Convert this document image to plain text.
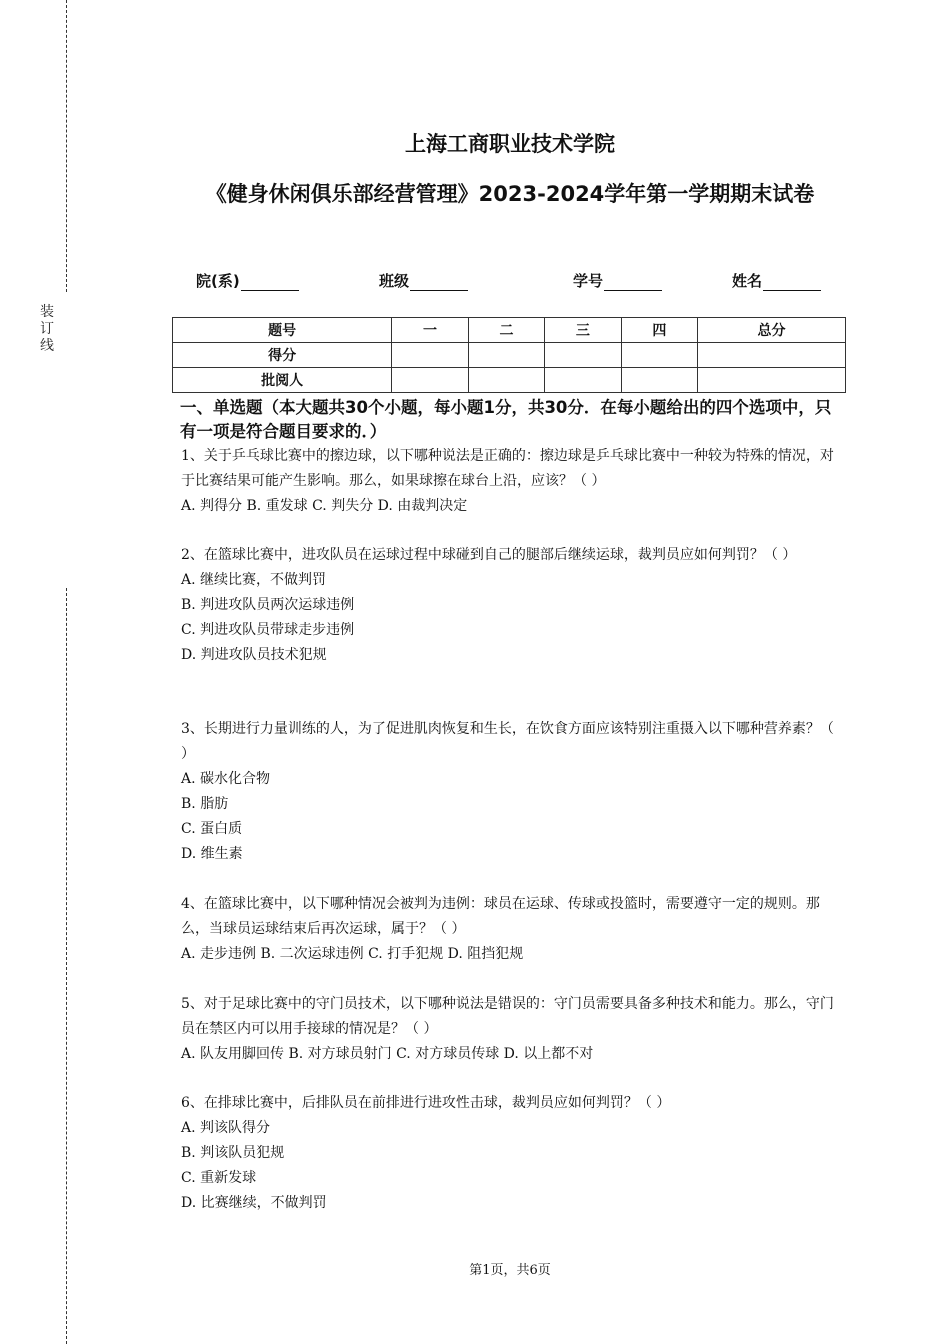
装
订
线
上海工商职业技术学院
《健身休闲俱乐部经营管理》2023-2024学年第一学期期末试卷
院(系)	班级	学号	姓名
题号	一	二	三	四	总分
得分					
批阅人					
一、单选题（本大题共30个小题，每小题1分，共30分．在每小题给出的四个选项中，只有一项是符合题目要求的．）

1、关于乒乓球比赛中的擦边球，以下哪种说法是正确的：擦边球是乒乓球比赛中一种较为特殊的情况，对于比赛结果可能产生影响。那么，如果球擦在球台上沿，应该？（ ）

A. 判得分 B. 重发球 C. 判失分 D. 由裁判决定

2、在篮球比赛中，进攻队员在运球过程中球碰到自己的腿部后继续运球，裁判员应如何判罚？（ ）

A. 继续比赛，不做判罚

B. 判进攻队员两次运球违例

C. 判进攻队员带球走步违例

D. 判进攻队员技术犯规

3、长期进行力量训练的人，为了促进肌肉恢复和生长，在饮食方面应该特别注重摄入以下哪种营养素？（ ）

A. 碳水化合物

B. 脂肪

C. 蛋白质

D. 维生素

4、在篮球比赛中，以下哪种情况会被判为违例：球员在运球、传球或投篮时，需要遵守一定的规则。那么，当球员运球结束后再次运球，属于？（ ）

A. 走步违例 B. 二次运球违例 C. 打手犯规 D. 阻挡犯规

5、对于足球比赛中的守门员技术，以下哪种说法是错误的：守门员需要具备多种技术和能力。那么，守门员在禁区内可以用手接球的情况是？（ ）

A. 队友用脚回传 B. 对方球员射门 C. 对方球员传球 D. 以上都不对

6、在排球比赛中，后排队员在前排进行进攻性击球，裁判员应如何判罚？（ ）

A. 判该队得分

B. 判该队员犯规

C. 重新发球

D. 比赛继续，不做判罚

第1页，共6页
